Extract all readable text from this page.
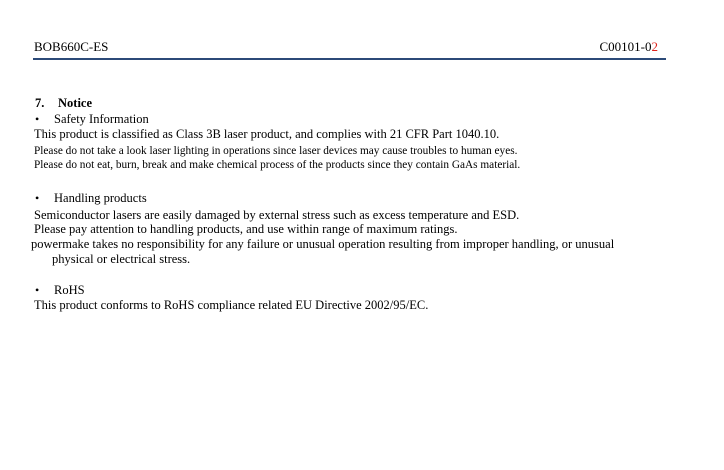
BOB660C-ES	C00101-02
7. Notice
• Safety Information
This product is classified as Class 3B laser product, and complies with 21 CFR Part 1040.10.
Please do not take a look laser lighting in operations since laser devices may cause troubles to human eyes.
Please do not eat, burn, break and make chemical process of the products since they contain GaAs material.
• Handling products
Semiconductor lasers are easily damaged by external stress such as excess temperature and ESD.
Please pay attention to handling products, and use within range of maximum ratings.
powermake takes no responsibility for any failure or unusual operation resulting from improper handling, or unusual
physical or electrical stress.
• RoHS
This product conforms to RoHS compliance related EU Directive 2002/95/EC.
